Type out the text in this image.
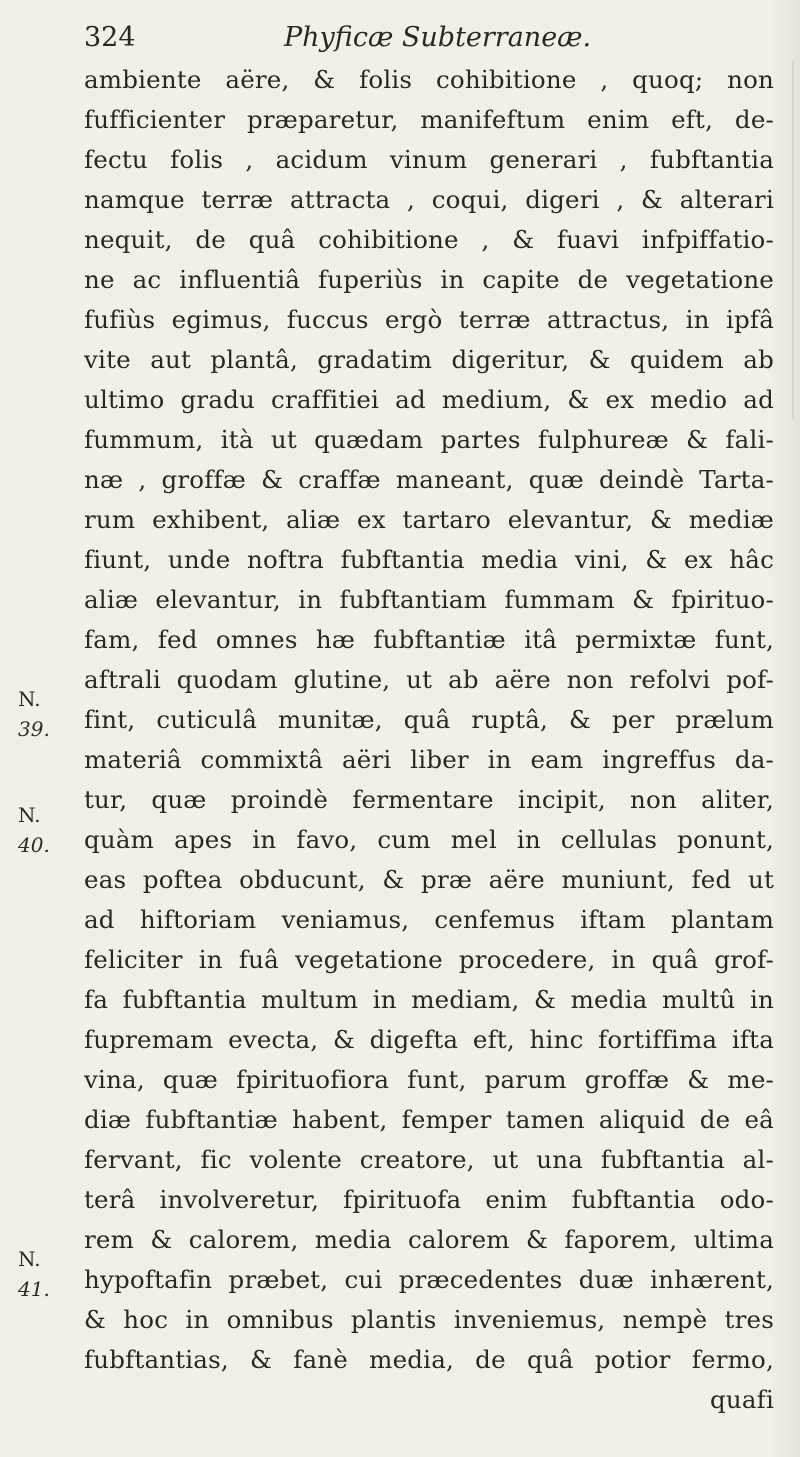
324	Phyficæ Subterraneæ.
ambiente aëre, & folis cohibitione , quoq; non
fufficienter præparetur, manifeftum enim eft, de-
fectu folis , acidum vinum generari , fubftantia
namque terræ attracta , coqui, digeri , & alterari
nequit, de quâ cohibitione , & fuavi infpiffatio-
ne ac influentiâ fuperiùs in capite de vegetatione
fufiùs egimus, fuccus ergò terræ attractus, in ipfâ
vite aut plantâ, gradatim digeritur, & quidem ab
ultimo gradu craffitiei ad medium, & ex medio ad
fummum, ità ut quædam partes fulphureæ & fali-
næ , groffæ & craffæ maneant, quæ deindè Tarta-
rum exhibent, aliæ ex tartaro elevantur, & mediæ
fiunt, unde noftra fubftantia media vini, & ex hâc
aliæ elevantur, in fubftantiam fummam & fpirituo-
fam, fed omnes hæ fubftantiæ itâ permixtæ funt,
aftrali quodam glutine, ut ab aëre non refolvi pof-
fint, cuticulâ munitæ, quâ ruptâ, & per prælum
materiâ commixtâ aëri liber in eam ingreffus da-
tur, quæ proindè fermentare incipit, non aliter,
quàm apes in favo, cum mel in cellulas ponunt,
eas poftea obducunt, & præ aëre muniunt, fed ut
ad hiftoriam veniamus, cenfemus iftam plantam
feliciter in fuâ vegetatione procedere, in quâ grof-
fa fubftantia multum in mediam, & media multû in
fupremam evecta, & digefta eft, hinc fortiffima ifta
vina, quæ fpirituofiora funt, parum groffæ & me-
diæ fubftantiæ habent, femper tamen aliquid de eâ
fervant, fic volente creatore, ut una fubftantia al-
terâ involveretur, fpirituofa enim fubftantia odo-
rem & calorem, media calorem & faporem, ultima
hypoftafin præbet, cui præcedentes duæ inhærent,
& hoc in omnibus plantis inveniemus, nempè tres
fubftantias, & fanè media, de quâ potior fermo,
quafi
N.
39.
N.
40.
N.
41.
